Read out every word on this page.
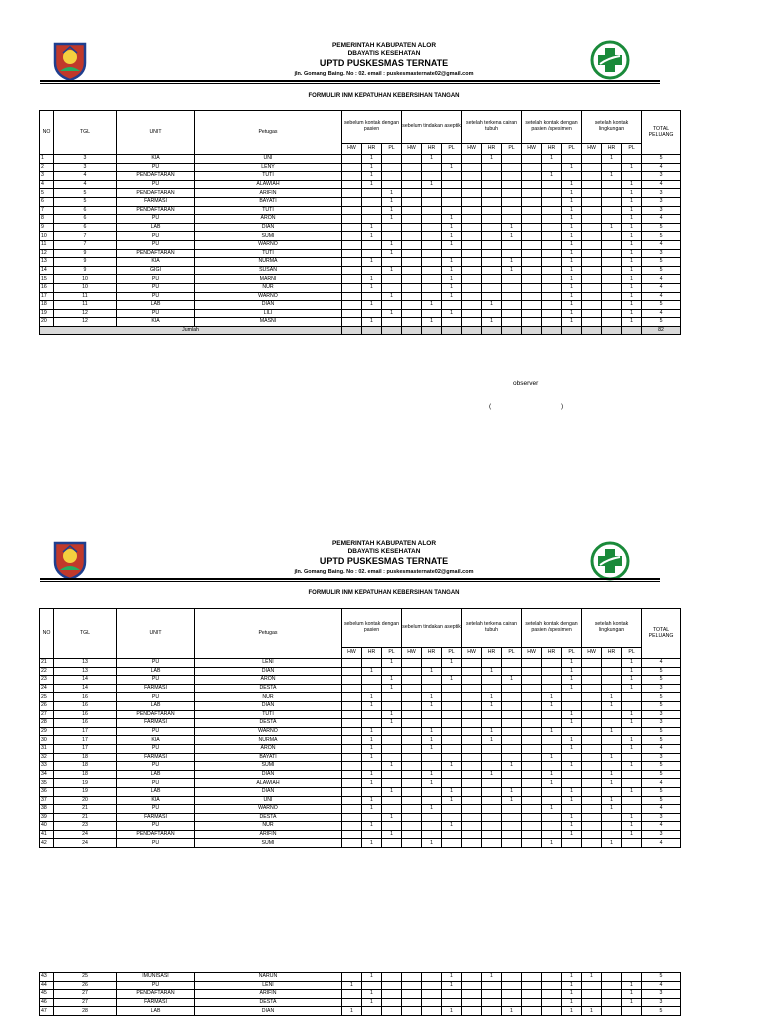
PEMERINTAH KABUPATEN ALOR
DBAYATIS KESEHATAN
UPTD PUSKESMAS TERNATE
jln. Gomang Baing. No : 02. email : puskesmasternate02@gmail.com
FORMULIR INM KEPATUHAN KEBERSIHAN TANGAN
NO	TGL	UNIT	Petugas	sebelum kontak dengan pasien			sebelum tindakan aseptik			setelah terkena cairan tubuh			setelah kontak dengan pasien /spesimen			setelah kontak lingkungan			TOTAL PELUANG
				HW	HR	PL	HW	HR	PL	HW	HR	PL	HW	HR	PL	HW	HR	PL	
1	3	KIA	UNI		1			1			1			1			1		5
2	3	PU	LENY		1				1						1			1	4
3	4	PENDAFTARAN	TUTI		1									1			1		3
4	4	PU	ALAWIAH		1			1							1			1	4
5	5	PENDAFTARAN	ARIFIN			1									1			1	3
6	5	FARMASI	BAYATI			1									1			1	3
7	6	PENDAFTARAN	TUTI			1									1			1	3
8	6	PU	ARON			1			1						1			1	4
9	6	LAB	DIAN		1				1			1			1		1	1	5
10	7	PU	SUMI		1				1			1			1			1	5
11	7	PU	WARNO			1			1						1			1	4
12	9	PENDAFTARAN	TUTI			1									1			1	3
13	9	KIA	NURMA		1				1			1			1			1	5
14	9	GIGI	SUSAN			1			1			1			1			1	5
15	10	PU	MARNI		1				1						1			1	4
16	10	PU	NUR		1				1						1			1	4
17	11	PU	WARNO			1			1						1			1	4
18	11	LAB	DIAN		1			1			1				1			1	5
19	12	PU	LILI			1			1						1			1	4
20	12	KIA	MASNI		1			1			1				1			1	5
Jumlah																			82
observer
(	)
PEMERINTAH KABUPATEN ALOR
DBAYATIS KESEHATAN
UPTD PUSKESMAS TERNATE
jln. Gomang Baing. No : 02. email : puskesmasternate02@gmail.com
FORMULIR INM KEPATUHAN KEBERSIHAN TANGAN
NO	TGL	UNIT	Petugas	sebelum kontak dengan pasien			sebelum tindakan aseptik			setelah terkena cairan tubuh			setelah kontak dengan pasien /spesimen			setelah kontak lingkungan			TOTAL PELUANG
				HW	HR	PL	HW	HR	PL	HW	HR	PL	HW	HR	PL	HW	HR	PL	
21	13	PU	LENI			1			1						1			1	4
22	13	LAB	DIAN		1			1			1				1			1	5
23	14	PU	ARON			1			1			1			1			1	5
24	14	FARMASI	DESTA			1									1			1	3
25	16	PU	NUR		1			1			1			1			1		5
26	16	LAB	DIAN		1			1			1			1			1		5
27	16	PENDAFTARAN	TUTI			1									1			1	3
28	16	FARMASI	DESTA			1									1			1	3
29	17	PU	WARNO		1			1			1			1			1		5
30	17	KIA	NURMA		1			1			1				1			1	5
31	17	PU	ARON		1			1							1			1	4
32	18	FARMASI	BAYATI		1									1			1		3
33	18	PU	SUMI			1			1			1			1			1	5
34	18	LAB	DIAN		1			1			1			1			1		5
35	19	PU	ALAWIAH		1			1						1			1		4
36	19	LAB	DIAN			1			1			1			1			1	5
37	20	KIA	UNI		1				1			1			1		1		5
38	21	PU	WARNO		1			1						1			1		4
39	21	FARMASI	DESTA			1									1			1	3
40	23	PU	NUR		1				1						1			1	4
41	24	PENDAFTARAN	ARIFIN			1									1			1	3
42	24	PU	SUMI		1			1						1			1		4
43	25	IMUNISASI	NARUN		1				1		1				1	1			5
44	26	PU	LENI	1					1						1			1	4
45	27	PENDAFTARAN	ARIFIN		1										1			1	3
46	27	FARMASI	DESTA		1										1			1	3
47	28	LAB	DIAN	1					1			1			1	1			5
